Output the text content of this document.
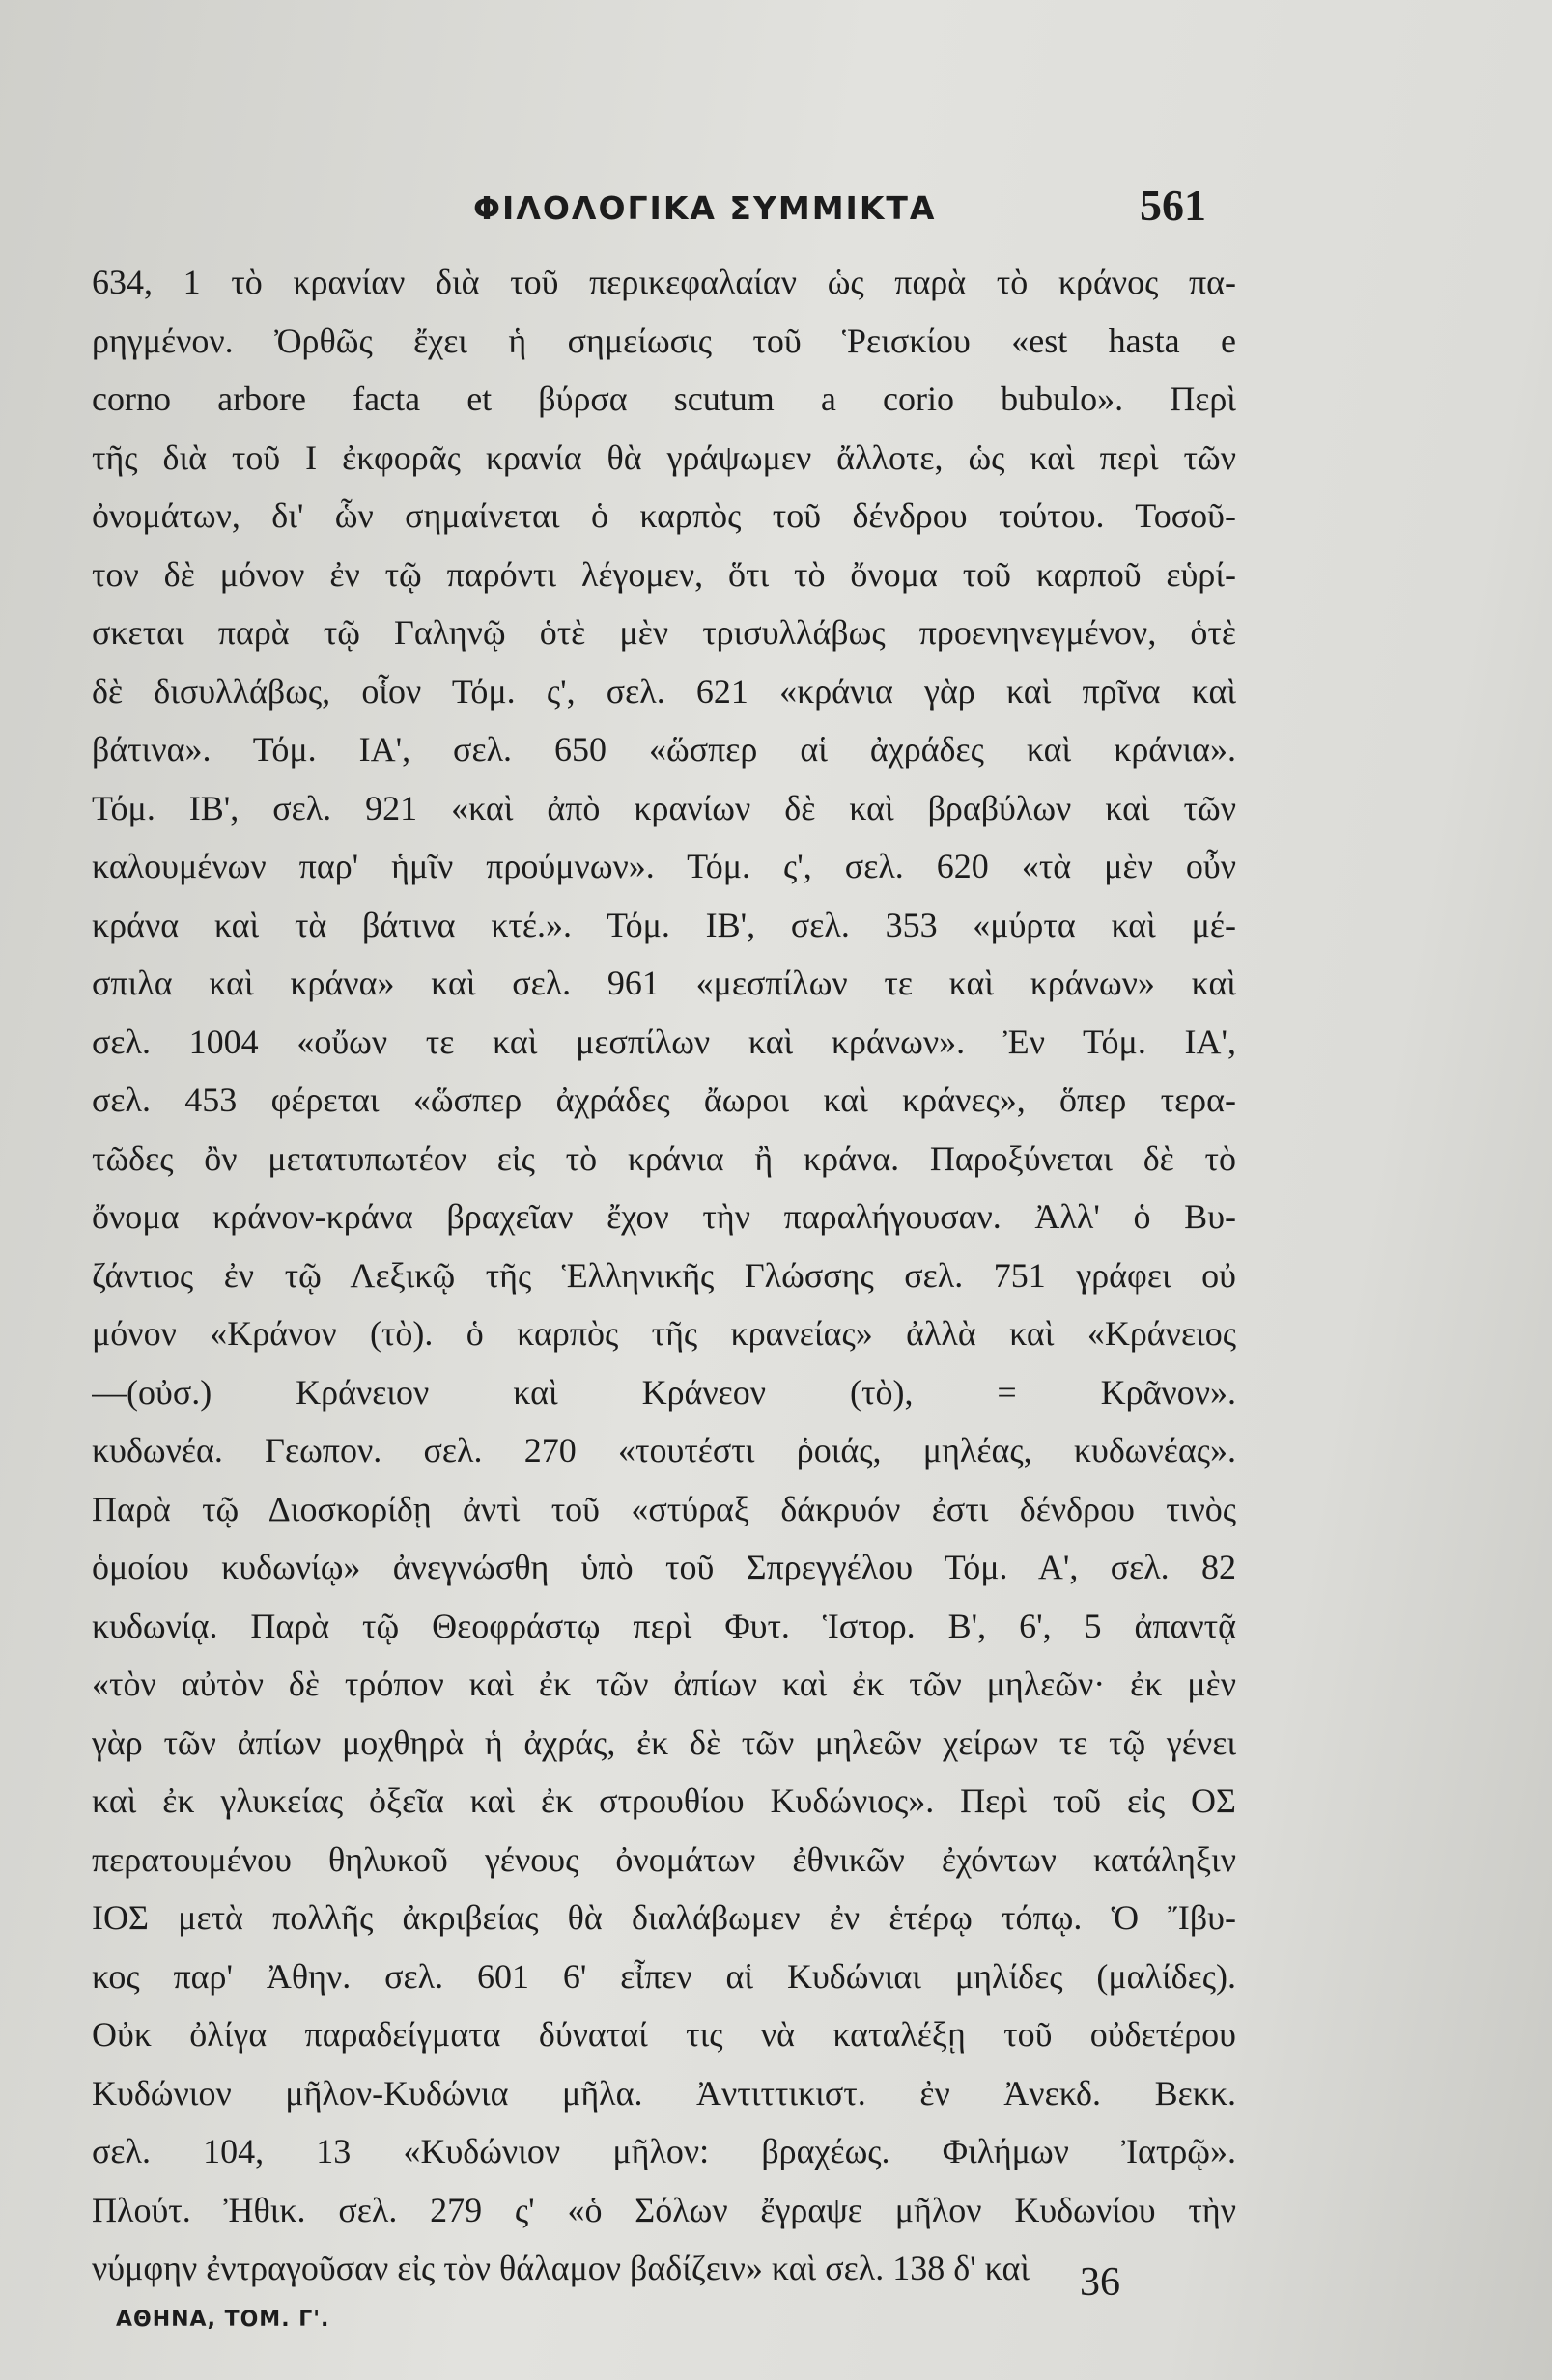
ΦΙΛΟΛΟΓΙΚΑ ΣΥΜΜΙΚΤΑ	561
634, 1 τὸ κρανίαν διὰ τοῦ περικεφαλαίαν ὡς παρὰ τὸ κράνος πα-
ρηγμένον. Ὀρθῶς ἔχει ἡ σημείωσις τοῦ Ῥεισκίου «est hasta e
corno arbore facta et βύρσα scutum a corio bubulo». Περὶ
τῆς διὰ τοῦ Ι ἐκφορᾶς κρανία θὰ γράψωμεν ἄλλοτε, ὡς καὶ περὶ τῶν
ὀνομάτων, δι' ὧν σημαίνεται ὁ καρπὸς τοῦ δένδρου τούτου. Τοσοῦ-
τον δὲ μόνον ἐν τῷ παρόντι λέγομεν, ὅτι τὸ ὄνομα τοῦ καρποῦ εὑρί-
σκεται παρὰ τῷ Γαληνῷ ὁτὲ μὲν τρισυλλάβως προενηνεγμένον, ὁτὲ
δὲ δισυλλάβως, οἷον Τόμ. ς', σελ. 621 «κράνια γὰρ καὶ πρῖνα καὶ
βάτινα». Τόμ. ΙΑ', σελ. 650 «ὥσπερ αἱ ἀχράδες καὶ κράνια».
Τόμ. ΙΒ', σελ. 921 «καὶ ἀπὸ κρανίων δὲ καὶ βραβύλων καὶ τῶν
καλουμένων παρ' ἡμῖν προύμνων». Τόμ. ς', σελ. 620 «τὰ μὲν οὖν
κράνα καὶ τὰ βάτινα κτέ.». Τόμ. ΙΒ', σελ. 353 «μύρτα καὶ μέ-
σπιλα καὶ κράνα» καὶ σελ. 961 «μεσπίλων τε καὶ κράνων» καὶ
σελ. 1004 «οὔων τε καὶ μεσπίλων καὶ κράνων». Ἐν Τόμ. ΙΑ',
σελ. 453 φέρεται «ὥσπερ ἀχράδες ἄωροι καὶ κράνες», ὅπερ τερα-
τῶδες ὂν μετατυπωτέον εἰς τὸ κράνια ἢ κράνα. Παροξύνεται δὲ τὸ
ὄνομα κράνον-κράνα βραχεῖαν ἔχον τὴν παραλήγουσαν. Ἀλλ' ὁ Βυ-
ζάντιος ἐν τῷ Λεξικῷ τῆς Ἑλληνικῆς Γλώσσης σελ. 751 γράφει οὐ
μόνον «Κράνον (τὸ). ὁ καρπὸς τῆς κρανείας» ἀλλὰ καὶ «Κράνειος
—(οὐσ.) Κράνειον καὶ Κράνεον (τὸ), = Κρᾶνον».
κυδωνέα. Γεωπον. σελ. 270 «τουτέστι ῥοιάς, μηλέας, κυδωνέας».
Παρὰ τῷ Διοσκορίδῃ ἀντὶ τοῦ «στύραξ δάκρυόν ἐστι δένδρου τινὸς
ὁμοίου κυδωνίῳ» ἀνεγνώσθη ὑπὸ τοῦ Σπρεγγέλου Τόμ. Α', σελ. 82
κυδωνίᾳ. Παρὰ τῷ Θεοφράστῳ περὶ Φυτ. Ἱστορ. Β', 6', 5 ἀπαντᾷ
«τὸν αὐτὸν δὲ τρόπον καὶ ἐκ τῶν ἀπίων καὶ ἐκ τῶν μηλεῶν· ἐκ μὲν
γὰρ τῶν ἀπίων μοχθηρὰ ἡ ἀχράς, ἐκ δὲ τῶν μηλεῶν χείρων τε τῷ γένει
καὶ ἐκ γλυκείας ὀξεῖα καὶ ἐκ στρουθίου Κυδώνιος». Περὶ τοῦ εἰς ΟΣ
περατουμένου θηλυκοῦ γένους ὀνομάτων ἐθνικῶν ἐχόντων κατάληξιν
ΙΟΣ μετὰ πολλῆς ἀκριβείας θὰ διαλάβωμεν ἐν ἑτέρῳ τόπῳ. Ὁ Ἴβυ-
κος παρ' Ἀθην. σελ. 601 6' εἶπεν αἱ Κυδώνιαι μηλίδες (μαλίδες).
Οὐκ ὀλίγα παραδείγματα δύναταί τις νὰ καταλέξῃ τοῦ οὐδετέρου
Κυδώνιον μῆλον-Κυδώνια μῆλα. Ἀντιττικιστ. ἐν Ἀνεκδ. Βεκκ.
σελ. 104, 13 «Κυδώνιον μῆλον: βραχέως. Φιλήμων Ἰατρῷ».
Πλούτ. Ἠθικ. σελ. 279 ς' «ὁ Σόλων ἔγραψε μῆλον Κυδωνίου τὴν
νύμφην ἐντραγοῦσαν εἰς τὸν θάλαμον βαδίζειν» καὶ σελ. 138 δ' καὶ
ΑΘΗΝΑ, ΤΟΜ. Γ'.
36
